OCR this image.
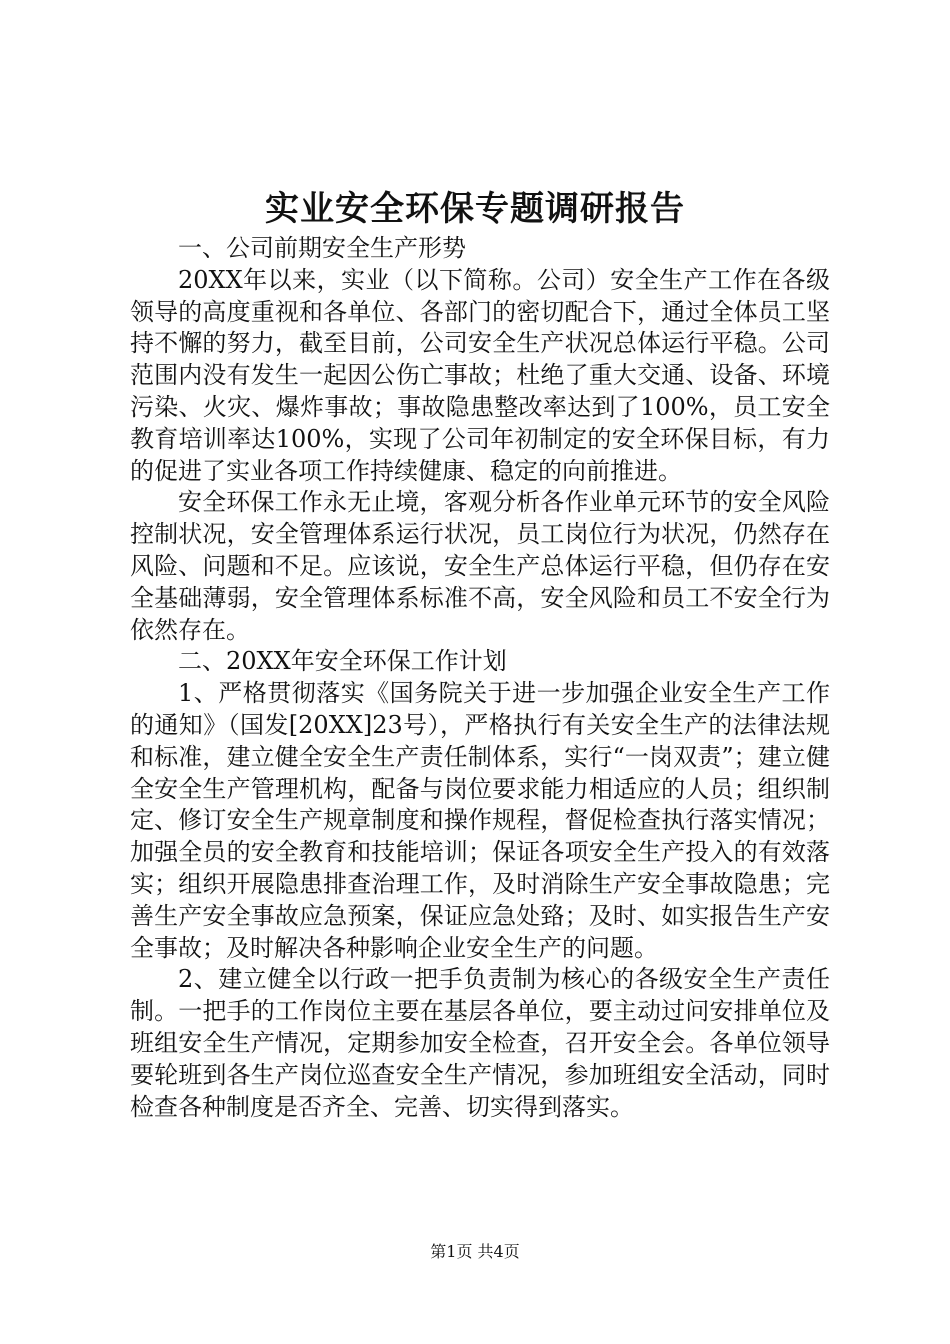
实业安全环保专题调研报告

一、公司前期安全生产形势

20XX年以来，实业（以下简称。公司）安全生产工作在各级领导的高度重视和各单位、各部门的密切配合下，通过全体员工坚持不懈的努力，截至目前，公司安全生产状况总体运行平稳。公司范围内没有发生一起因公伤亡事故；杜绝了重大交通、设备、环境污染、火灾、爆炸事故；事故隐患整改率达到了100%，员工安全教育培训率达100%，实现了公司年初制定的安全环保目标，有力的促进了实业各项工作持续健康、稳定的向前推进。

安全环保工作永无止境，客观分析各作业单元环节的安全风险控制状况，安全管理体系运行状况，员工岗位行为状况，仍然存在风险、问题和不足。应该说，安全生产总体运行平稳，但仍存在安全基础薄弱，安全管理体系标准不高，安全风险和员工不安全行为依然存在。

二、20XX年安全环保工作计划

1、严格贯彻落实《国务院关于进一步加强企业安全生产工作的通知》（国发[20XX]23号），严格执行有关安全生产的法律法规和标准，建立健全安全生产责任制体系，实行“一岗双责”；建立健全安全生产管理机构，配备与岗位要求能力相适应的人员；组织制定、修订安全生产规章制度和操作规程，督促检查执行落实情况；加强全员的安全教育和技能培训；保证各项安全生产投入的有效落实；组织开展隐患排查治理工作，及时消除生产安全事故隐患；完善生产安全事故应急预案，保证应急处臵；及时、如实报告生产安全事故；及时解决各种影响企业安全生产的问题。

2、建立健全以行政一把手负责制为核心的各级安全生产责任制。一把手的工作岗位主要在基层各单位，要主动过问安排单位及班组安全生产情况，定期参加安全检查，召开安全会。各单位领导要轮班到各生产岗位巡查安全生产情况，参加班组安全活动，同时检查各种制度是否齐全、完善、切实得到落实。

第1页 共4页
